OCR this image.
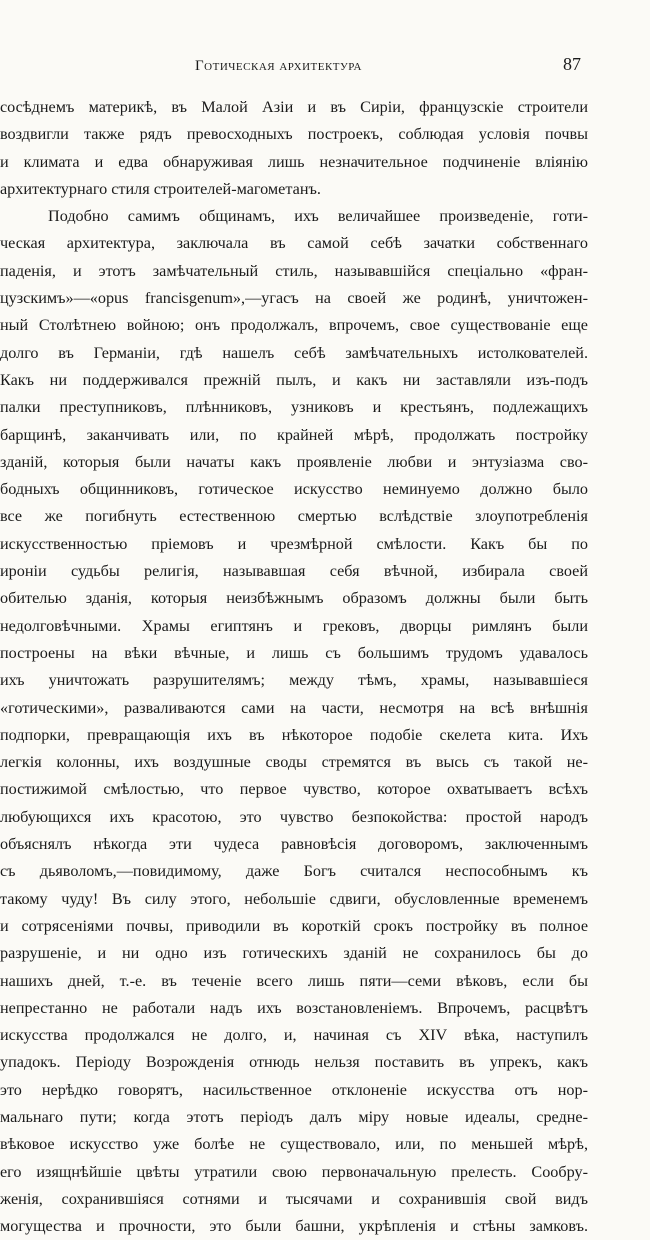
Готическая архитектура	87
сосѣднемъ материкѣ, въ Малой Азіи и въ Сиріи, французскіе строители
воздвигли также рядъ превосходныхъ построекъ, соблюдая условія почвы
и климата и едва обнаруживая лишь незначительное подчиненіе вліянію
архитектурнаго стиля строителей-магометанъ.
Подобно самимъ общинамъ, ихъ величайшее произведеніе, готи-
ческая архитектура, заключала въ самой себѣ зачатки собственнаго
паденія, и этотъ замѣчательный стиль, называвшійся спеціально «фран-
цузскимъ»—«opus francisgenum»,—угасъ на своей же родинѣ, уничтожен-
ный Столѣтнею войною; онъ продолжалъ, впрочемъ, свое существованіе еще
долго въ Германіи, гдѣ нашелъ себѣ замѣчательныхъ истолкователей.
Какъ ни поддерживался прежній пылъ, и какъ ни заставляли изъ-подъ
палки преступниковъ, плѣнниковъ, узниковъ и крестьянъ, подлежащихъ
барщинѣ, заканчивать или, по крайней мѣрѣ, продолжать постройку
зданій, которыя были начаты какъ проявленіе любви и энтузіазма сво-
бодныхъ общинниковъ, готическое искусство неминуемо должно было
все же погибнуть естественною смертью вслѣдствіе злоупотребленія
искусственностью пріемовъ и чрезмѣрной смѣлости. Какъ бы по
ироніи судьбы религія, называвшая себя вѣчной, избирала своей
обителью зданія, которыя неизбѣжнымъ образомъ должны были быть
недолговѣчными. Храмы египтянъ и грековъ, дворцы римлянъ были
построены на вѣки вѣчные, и лишь съ большимъ трудомъ удавалось
ихъ уничтожать разрушителямъ; между тѣмъ, храмы, называвшіеся
«готическими», разваливаются сами на части, несмотря на всѣ внѣшнія
подпорки, превращающія ихъ въ нѣкоторое подобіе скелета кита. Ихъ
легкія колонны, ихъ воздушные своды стремятся въ высь съ такой не-
постижимой смѣлостью, что первое чувство, которое охватываетъ всѣхъ
любующихся ихъ красотою, это чувство безпокойства: простой народъ
объяснялъ нѣкогда эти чудеса равновѣсія договоромъ, заключеннымъ
съ дьяволомъ,—повидимому, даже Богъ считался неспособнымъ къ
такому чуду! Въ силу этого, небольшіе сдвиги, обусловленные временемъ
и сотрясеніями почвы, приводили въ короткій срокъ постройку въ полное
разрушеніе, и ни одно изъ готическихъ зданій не сохранилось бы до
нашихъ дней, т.-е. въ теченіе всего лишь пяти—семи вѣковъ, если бы
непрестанно не работали надъ ихъ возстановленіемъ. Впрочемъ, расцвѣтъ
искусства продолжался не долго, и, начиная съ XIV вѣка, наступилъ
упадокъ. Періоду Возрожденія отнюдь нельзя поставить въ упрекъ, какъ
это нерѣдко говорятъ, насильственное отклоненіе искусства отъ нор-
мальнаго пути; когда этотъ періодъ далъ міру новые идеалы, средне-
вѣковое искусство уже болѣе не существовало, или, по меньшей мѣрѣ,
его изящнѣйшіе цвѣты утратили свою первоначальную прелесть. Сообру-
женія, сохранившіяся сотнями и тысячами и сохранившія свой видъ
могущества и прочности, это были башни, укрѣпленія и стѣны замковъ.
